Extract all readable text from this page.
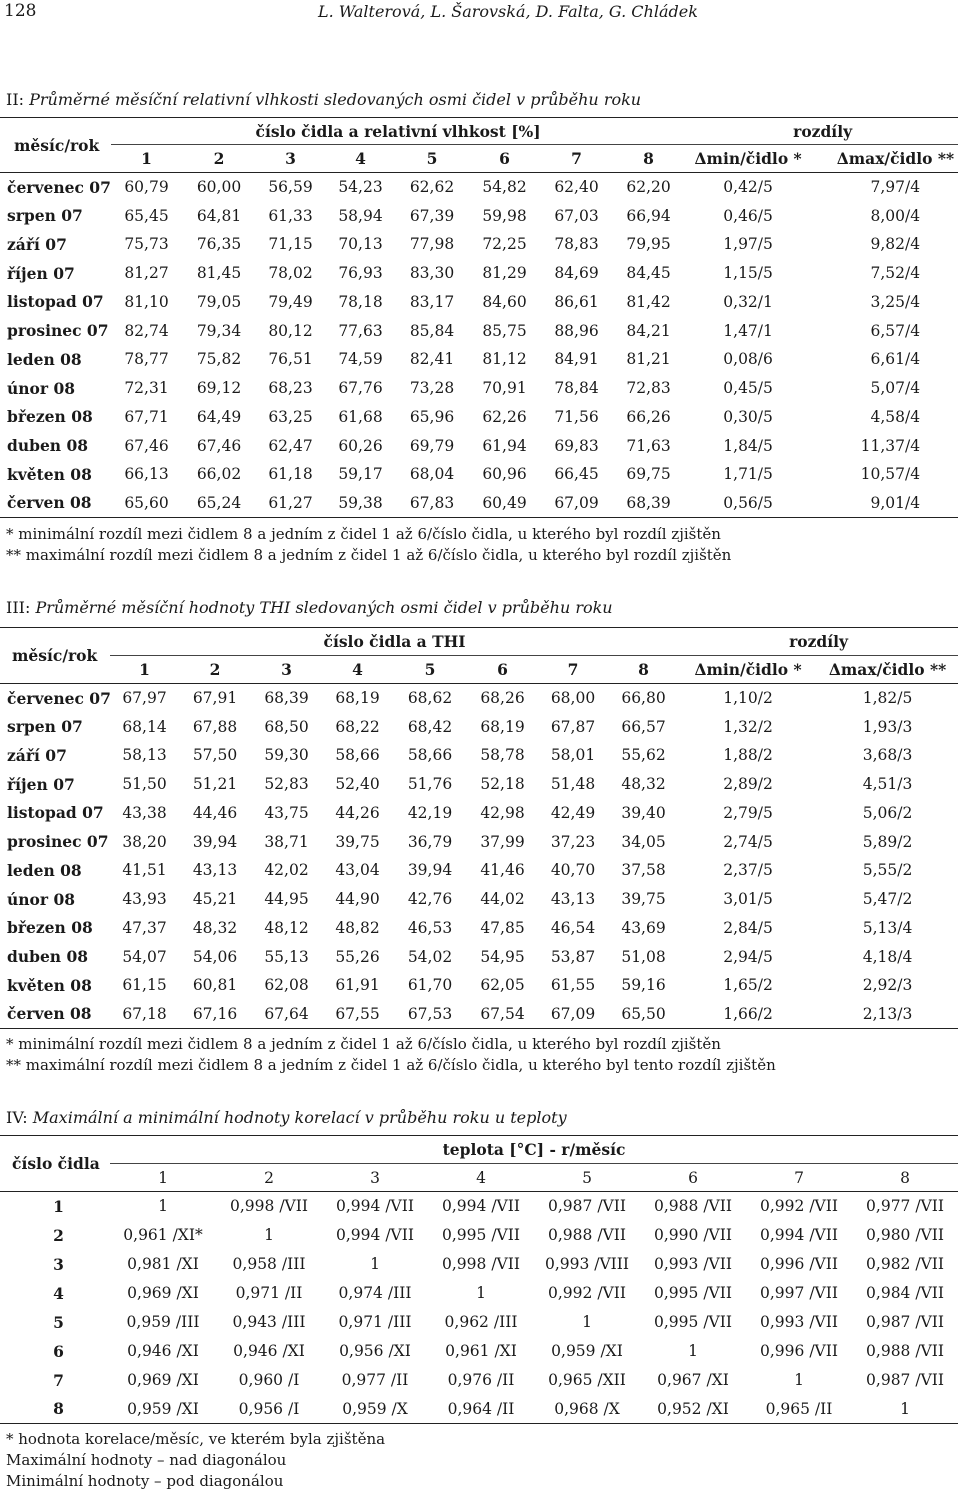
128	L. Walterová, L. Šarovská, D. Falta, G. Chládek
II: Průměrné měsíční relativní vlhkosti sledovaných osmi čidel v průběhu roku
měsíc/rok	číslo čidla a relativní vlhkost [%]								rozdíly	
	1	2	3	4	5	6	7	8	Δmin/čidlo *	Δmax/čidlo **
červenec 07	60,79	60,00	56,59	54,23	62,62	54,82	62,40	62,20	0,42/5	7,97/4
srpen 07	65,45	64,81	61,33	58,94	67,39	59,98	67,03	66,94	0,46/5	8,00/4
září 07	75,73	76,35	71,15	70,13	77,98	72,25	78,83	79,95	1,97/5	9,82/4
říjen 07	81,27	81,45	78,02	76,93	83,30	81,29	84,69	84,45	1,15/5	7,52/4
listopad 07	81,10	79,05	79,49	78,18	83,17	84,60	86,61	81,42	0,32/1	3,25/4
prosinec 07	82,74	79,34	80,12	77,63	85,84	85,75	88,96	84,21	1,47/1	6,57/4
leden 08	78,77	75,82	76,51	74,59	82,41	81,12	84,91	81,21	0,08/6	6,61/4
únor 08	72,31	69,12	68,23	67,76	73,28	70,91	78,84	72,83	0,45/5	5,07/4
březen 08	67,71	64,49	63,25	61,68	65,96	62,26	71,56	66,26	0,30/5	4,58/4
duben 08	67,46	67,46	62,47	60,26	69,79	61,94	69,83	71,63	1,84/5	11,37/4
květen 08	66,13	66,02	61,18	59,17	68,04	60,96	66,45	69,75	1,71/5	10,57/4
červen 08	65,60	65,24	61,27	59,38	67,83	60,49	67,09	68,39	0,56/5	9,01/4
* minimální rozdíl mezi čidlem 8 a jedním z čidel 1 až 6/číslo čidla, u kterého byl rozdíl zjištěn
** maximální rozdíl mezi čidlem 8 a jedním z čidel 1 až 6/číslo čidla, u kterého byl rozdíl zjištěn
III: Průměrné měsíční hodnoty THI sledovaných osmi čidel v průběhu roku
měsíc/rok	číslo čidla a THI								rozdíly	
	1	2	3	4	5	6	7	8	Δmin/čidlo *	Δmax/čidlo **
červenec 07	67,97	67,91	68,39	68,19	68,62	68,26	68,00	66,80	1,10/2	1,82/5
srpen 07	68,14	67,88	68,50	68,22	68,42	68,19	67,87	66,57	1,32/2	1,93/3
září 07	58,13	57,50	59,30	58,66	58,66	58,78	58,01	55,62	1,88/2	3,68/3
říjen 07	51,50	51,21	52,83	52,40	51,76	52,18	51,48	48,32	2,89/2	4,51/3
listopad 07	43,38	44,46	43,75	44,26	42,19	42,98	42,49	39,40	2,79/5	5,06/2
prosinec 07	38,20	39,94	38,71	39,75	36,79	37,99	37,23	34,05	2,74/5	5,89/2
leden 08	41,51	43,13	42,02	43,04	39,94	41,46	40,70	37,58	2,37/5	5,55/2
únor 08	43,93	45,21	44,95	44,90	42,76	44,02	43,13	39,75	3,01/5	5,47/2
březen 08	47,37	48,32	48,12	48,82	46,53	47,85	46,54	43,69	2,84/5	5,13/4
duben 08	54,07	54,06	55,13	55,26	54,02	54,95	53,87	51,08	2,94/5	4,18/4
květen 08	61,15	60,81	62,08	61,91	61,70	62,05	61,55	59,16	1,65/2	2,92/3
červen 08	67,18	67,16	67,64	67,55	67,53	67,54	67,09	65,50	1,66/2	2,13/3
* minimální rozdíl mezi čidlem 8 a jedním z čidel 1 až 6/číslo čidla, u kterého byl rozdíl zjištěn
** maximální rozdíl mezi čidlem 8 a jedním z čidel 1 až 6/číslo čidla, u kterého byl tento rozdíl zjištěn
IV: Maximální a minimální hodnoty korelací v průběhu roku u teploty
číslo čidla	teplota [°C] - r/měsíc							
	1	2	3	4	5	6	7	8
1	1	0,998 /VII	0,994 /VII	0,994 /VII	0,987 /VII	0,988 /VII	0,992 /VII	0,977 /VII
2	0,961 /XI*	1	0,994 /VII	0,995 /VII	0,988 /VII	0,990 /VII	0,994 /VII	0,980 /VII
3	0,981 /XI	0,958 /III	1	0,998 /VII	0,993 /VIII	0,993 /VII	0,996 /VII	0,982 /VII
4	0,969 /XI	0,971 /II	0,974 /III	1	0,992 /VII	0,995 /VII	0,997 /VII	0,984 /VII
5	0,959 /III	0,943 /III	0,971 /III	0,962 /III	1	0,995 /VII	0,993 /VII	0,987 /VII
6	0,946 /XI	0,946 /XI	0,956 /XI	0,961 /XI	0,959 /XI	1	0,996 /VII	0,988 /VII
7	0,969 /XI	0,960 /I	0,977 /II	0,976 /II	0,965 /XII	0,967 /XI	1	0,987 /VII
8	0,959 /XI	0,956 /I	0,959 /X	0,964 /II	0,968 /X	0,952 /XI	0,965 /II	1
* hodnota korelace/měsíc, ve kterém byla zjištěna
Maximální hodnoty – nad diagonálou
Minimální hodnoty – pod diagonálou
